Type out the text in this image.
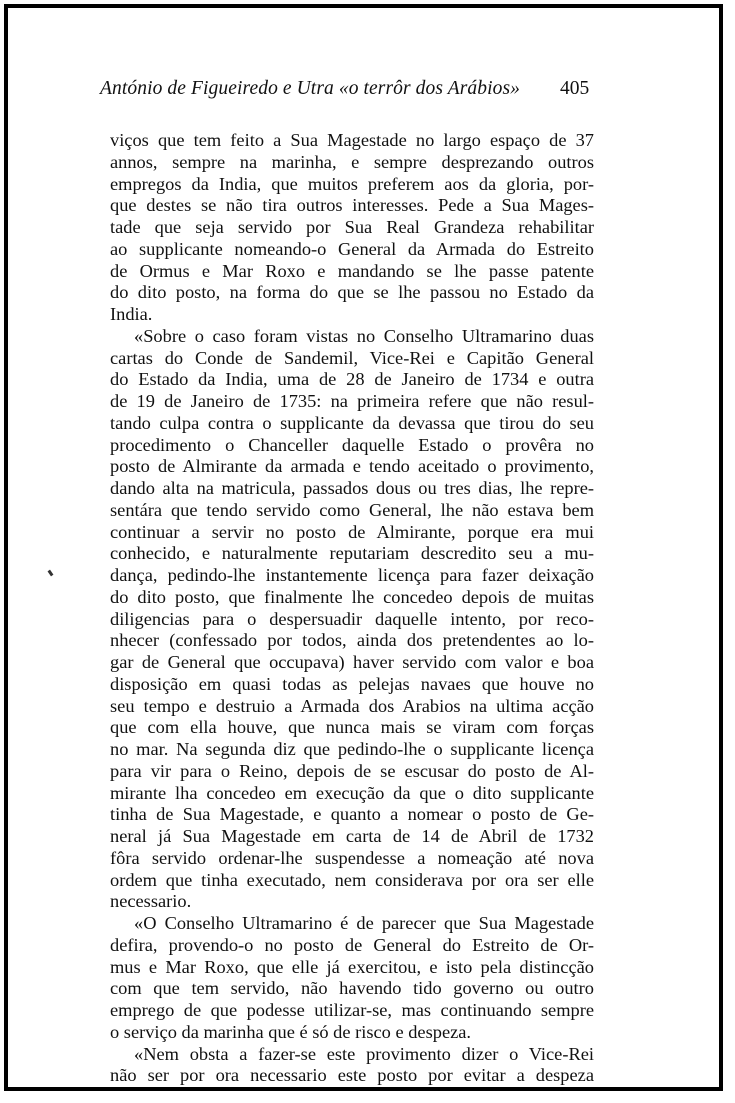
António de Figueiredo e Utra «o terrôr dos Arábios»	405
viços que tem feito a Sua Magestade no largo espaço de 37
annos, sempre na marinha, e sempre desprezando outros
empregos da India, que muitos preferem aos da gloria, por-
que destes se não tira outros interesses. Pede a Sua Mages-
tade que seja servido por Sua Real Grandeza rehabilitar
ao supplicante nomeando-o General da Armada do Estreito
de Ormus e Mar Roxo e mandando se lhe passe patente
do dito posto, na forma do que se lhe passou no Estado da
India.
«Sobre o caso foram vistas no Conselho Ultramarino duas
cartas do Conde de Sandemil, Vice-Rei e Capitão General
do Estado da India, uma de 28 de Janeiro de 1734 e outra
de 19 de Janeiro de 1735: na primeira refere que não resul-
tando culpa contra o supplicante da devassa que tirou do seu
procedimento o Chanceller daquelle Estado o provêra no
posto de Almirante da armada e tendo aceitado o provimento,
dando alta na matricula, passados dous ou tres dias, lhe repre-
sentára que tendo servido como General, lhe não estava bem
continuar a servir no posto de Almirante, porque era mui
conhecido, e naturalmente reputariam descredito seu a mu-
dança, pedindo-lhe instantemente licença para fazer deixação
do dito posto, que finalmente lhe concedeo depois de muitas
diligencias para o despersuadir daquelle intento, por reco-
nhecer (confessado por todos, ainda dos pretendentes ao lo-
gar de General que occupava) haver servido com valor e boa
disposição em quasi todas as pelejas navaes que houve no
seu tempo e destruio a Armada dos Arabios na ultima acção
que com ella houve, que nunca mais se viram com forças
no mar. Na segunda diz que pedindo-lhe o supplicante licença
para vir para o Reino, depois de se escusar do posto de Al-
mirante lha concedeo em execução da que o dito supplicante
tinha de Sua Magestade, e quanto a nomear o posto de Ge-
neral já Sua Magestade em carta de 14 de Abril de 1732
fôra servido ordenar-lhe suspendesse a nomeação até nova
ordem que tinha executado, nem considerava por ora ser elle
necessario.
«O Conselho Ultramarino é de parecer que Sua Magestade
defira, provendo-o no posto de General do Estreito de Or-
mus e Mar Roxo, que elle já exercitou, e isto pela distincção
com que tem servido, não havendo tido governo ou outro
emprego de que podesse utilizar-se, mas continuando sempre
o serviço da marinha que é só de risco e despeza.
«Nem obsta a fazer-se este provimento dizer o Vice-Rei
não ser por ora necessario este posto por evitar a despeza
